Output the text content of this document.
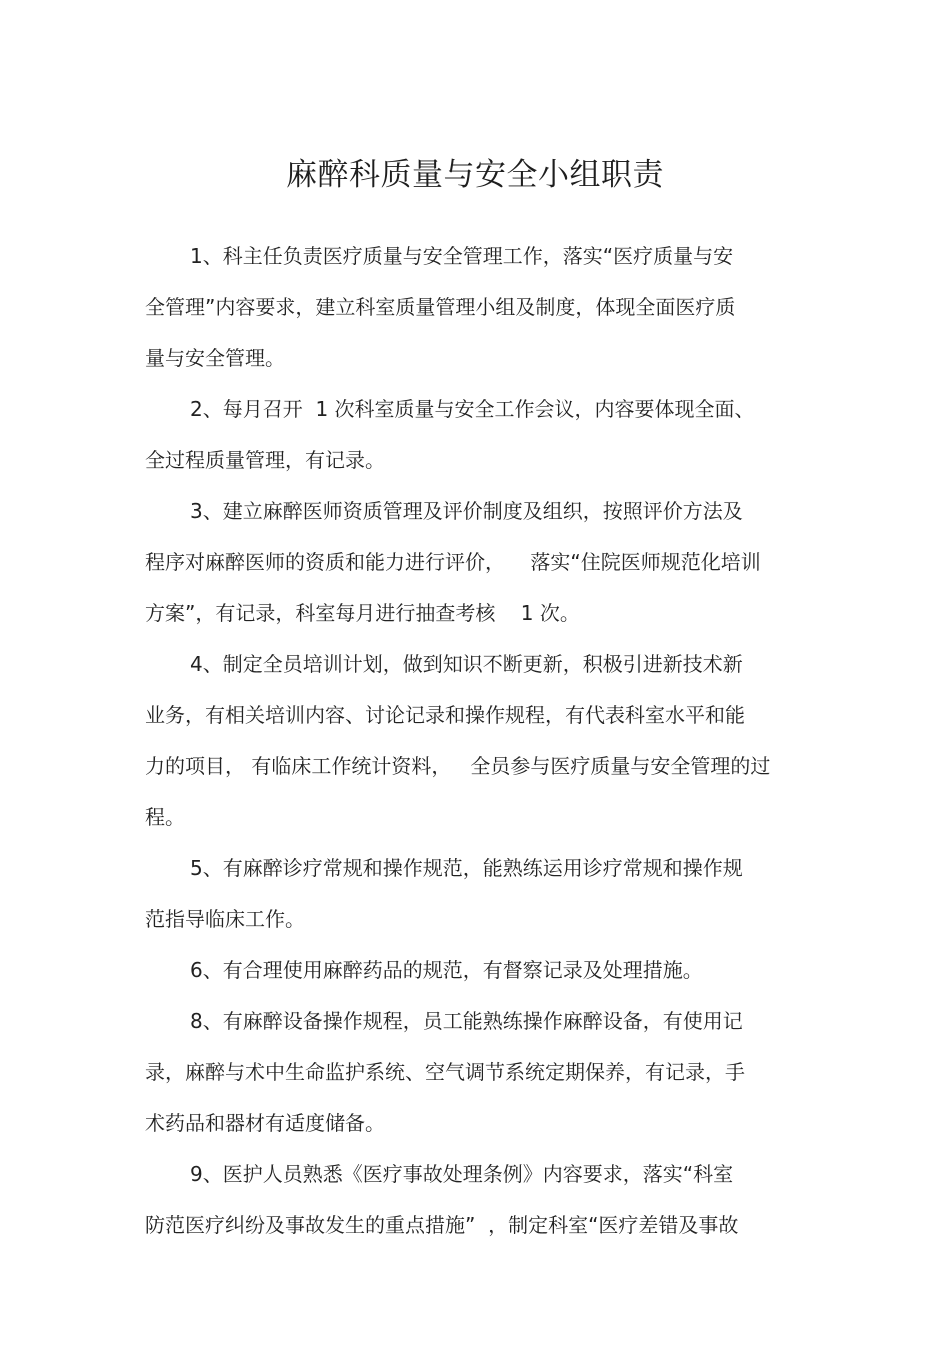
麻醉科质量与安全小组职责
1、科主任负责医疗质量与安全管理工作，落实“医疗质量与安
全管理”内容要求，建立科室质量管理小组及制度，体现全面医疗质
量与安全管理。
2、每月召开  1 次科室质量与安全工作会议，内容要体现全面、
全过程质量管理，有记录。
3、建立麻醉医师资质管理及评价制度及组织，按照评价方法及
程序对麻醉医师的资质和能力进行评价，    落实“住院医师规范化培训
方案”，有记录，科室每月进行抽查考核    1 次。
4、制定全员培训计划，做到知识不断更新，积极引进新技术新
业务，有相关培训内容、讨论记录和操作规程，有代表科室水平和能
力的项目， 有临床工作统计资料，   全员参与医疗质量与安全管理的过
程。
5、有麻醉诊疗常规和操作规范，能熟练运用诊疗常规和操作规
范指导临床工作。
6、有合理使用麻醉药品的规范，有督察记录及处理措施。
8、有麻醉设备操作规程，员工能熟练操作麻醉设备，有使用记
录，麻醉与术中生命监护系统、空气调节系统定期保养，有记录，手
术药品和器材有适度储备。
9、医护人员熟悉《医疗事故处理条例》内容要求，落实“科室
防范医疗纠纷及事故发生的重点措施”  ，制定科室“医疗差错及事故
